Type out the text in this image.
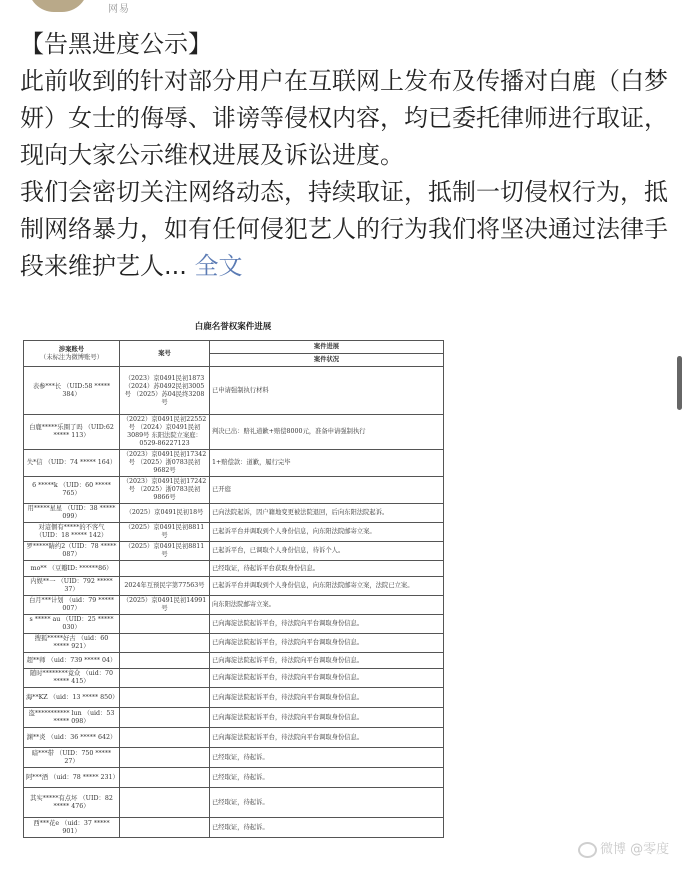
网易

【告黑进度公示】

此前收到的针对部分用户在互联网上发布及传播对白鹿（白梦妍）女士的侮辱、诽谤等侵权内容，均已委托律师进行取证，现向大家公示维权进展及诉讼进度。

我们会密切关注网络动态，持续取证，抵制一切侵权行为，抵制网络暴力，如有任何侵犯艺人的行为我们将坚决通过法律手段来维护艺人... 全文

白鹿名誉权案件进展
涉案账号
（未标注为微博账号）	案号	案件进展
		案件状况
表参***长 （UID:58 ***** 384）	（2023）京0491民初1873 （2024）苏0492民初3005号 （2025）苏04民终3208号	已申请强制执行材料
白鹿*****乐圈了吗 （UID:62 ***** 113）	（2022）京0491民初22552号 （2024）京0491民初3089号 东阳法院立案庭：0529-86227123	判决已出：赔礼道歉+赔偿8000元，准备申请强制执行
失*信 （UID：74 ***** 164）	（2023）京0491民初17342号 （2025）浙0783民初9682号	1+赔偿款：道歉，履行完毕
6 *****k （UID：60 ***** 765）	（2023）京0491民初17242号 （2025）浙0783民初9866号	已开庭
用*****星星 （UID：38 ***** 099）	（2025）京0491民初18号	已向法院起诉，因户籍地变更被法院退回，后向东阳法院起诉。
对這個有*****的不客气 （UID：18 ***** 142）	（2025）京0491民初8811号	已起诉平台并调取到个人身份信息，向东阳法院邮寄立案。
罗*****睛约2（UID：78 ***** 087）	（2025）京0491民初8811号	已起诉平台，已调取个人身份信息，待诉个人。
mo** （豆瓣ID: ******86）		已经取证，待起诉平台获取身份信息。
内娱**一 （UID：792 ***** 37）	2024年互预民字第77563号	已起诉平台并调取到个人身份信息，向东阳法院邮寄立案，法院已立案。
白月***计划 （uid：79 ***** 007）	（2025）京0491民初14991号	向东阳法院邮寄立案。
s ***** au （UID：25 ***** 030）		已向海淀法院起诉平台，待法院向平台调取身份信息。
搜狐*****好古 （uid：60 ***** 921）		已向海淀法院起诉平台，待法院向平台调取身份信息。
超**师 （uid：739 ***** 04）		已向海淀法院起诉平台，待法院向平台调取身份信息。
随时********竟众 （uid：70 ***** 415）		已向海淀法院起诉平台，待法院向平台调取身份信息。
海**KZ （uid：13 ***** 850）		已向海淀法院起诉平台，待法院向平台调取身份信息。
盗*********** lun （uid：53 ***** 098）		已向海淀法院起诉平台，待法院向平台调取身份信息。
渊**炎 （uid：36 ***** 642）		已向海淀法院起诉平台，待法院向平台调取身份信息。
暗***带 （UID：750 ***** 27）		已经取证，待起诉。
阿***酒 （uid：78 ***** 231）		已经取证，待起诉。
其实*****有点坏 （UID：82 ***** 476）		已经取证，待起诉。
西***花e （uid：37 ***** 901）		已经取证，待起诉。
微博 @零度
